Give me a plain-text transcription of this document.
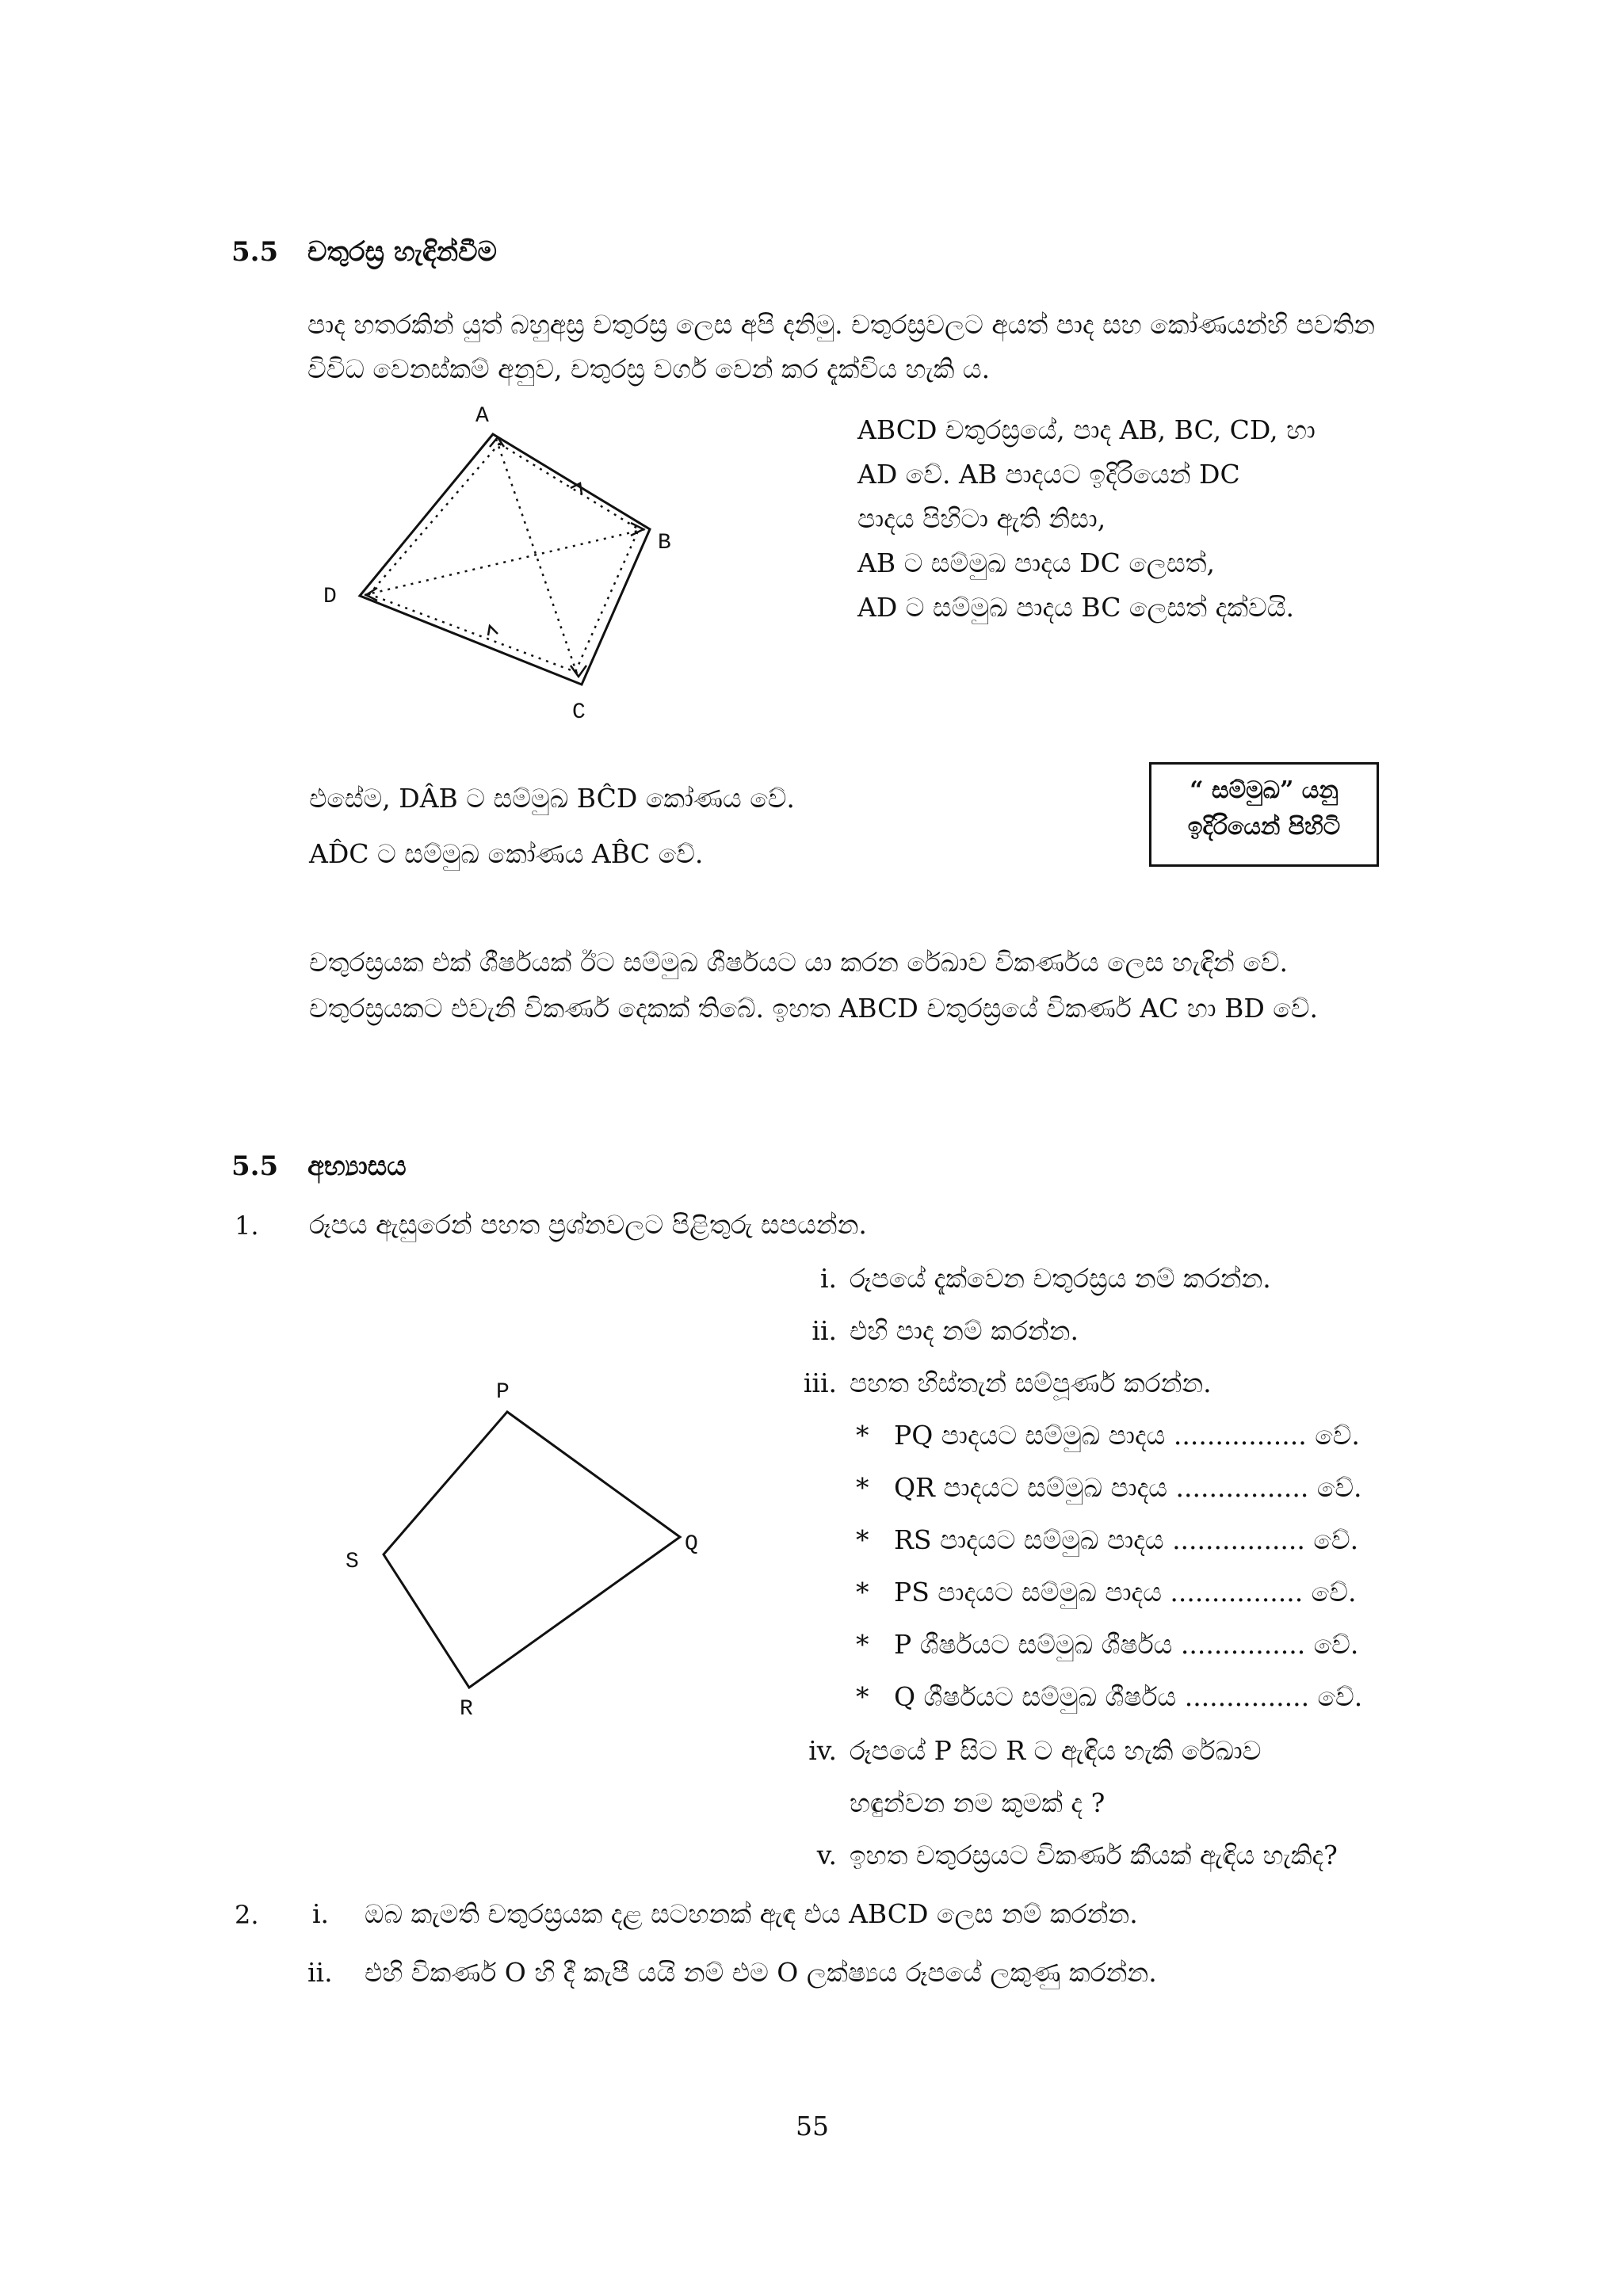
5.5 චතුරස්‍ර හැඳින්වීම
පාද හතරකින් යුත් බහුඅස්‍ර චතුරස්‍ර ලෙස අපි දනිමු. චතුරස්‍රවලට අයත් පාද සහ කෝණයන්හි පවතින විවිධ වෙනස්කම් අනුව, චතුරස්‍ර වර්ග වෙන් කර දැක්විය හැකි ය.
A
B
C
D
ABCD චතුරස්‍රයේ, පාද AB, BC, CD, හා
AD වේ. AB පාදයට ඉදිරියෙන් DC
පාදය පිහිටා ඇති නිසා,
AB ට සම්මුඛ පාදය DC ලෙසත්,
AD ට සම්මුඛ පාදය BC ලෙසත් දක්වයි.
එසේම, DÂB ට සම්මුඛ BĈD කෝණය වේ.
AD̂C ට සම්මුඛ කෝණය AB̂C වේ.
“ සම්මුඛ” යනු
ඉදිරියෙන් පිහිටි
චතුරස්‍රයක එක් ශීර්ෂයක් ඊට සම්මුඛ ශීර්ෂයට යා කරන රේඛාව විකර්ණය ලෙස හැඳින් වේ. චතුරස්‍රයකට එවැනි විකර්ණ දෙකක් තිබේ. ඉහත ABCD චතුරස්‍රයේ විකර්ණ AC හා BD වේ.
5.5 අභ්‍යාසය
1. රූපය ඇසුරෙන් පහත ප්‍රශ්නවලට පිළිතුරු සපයන්න.
P
Q
R
S
i. රූපයේ දැක්වෙන චතුරස්‍රය නම් කරන්න.
ii. එහි පාද නම් කරන්න.
iii. පහත හිස්තැන් සම්පූර්ණ කරන්න.
* PQ පාදයට සම්මුඛ පාදය ................ වේ.
* QR පාදයට සම්මුඛ පාදය ................ වේ.
* RS පාදයට සම්මුඛ පාදය ................ වේ.
* PS පාදයට සම්මුඛ පාදය ................ වේ.
* P ශීර්ෂයට සම්මුඛ ශීර්ෂය ............... වේ.
* Q ශීර්ෂයට සම්මුඛ ශීර්ෂය ............... වේ.
iv. රූපයේ P සිට R ට ඇඳිය හැකි රේඛාව
හඳුන්වන නම කුමක් ද ?
v. ඉහත චතුරස්‍රයට විකර්ණ කීයක් ඇඳිය හැකිද?
2. i. ඔබ කැමති චතුරස්‍රයක දළ සටහනක් ඇඳ එය ABCD ලෙස නම් කරන්න.
ii. එහි විකර්ණ O හි දී කැපී යයි නම් එම O ලක්ෂ්‍යය රූපයේ ලකුණු කරන්න.
55
